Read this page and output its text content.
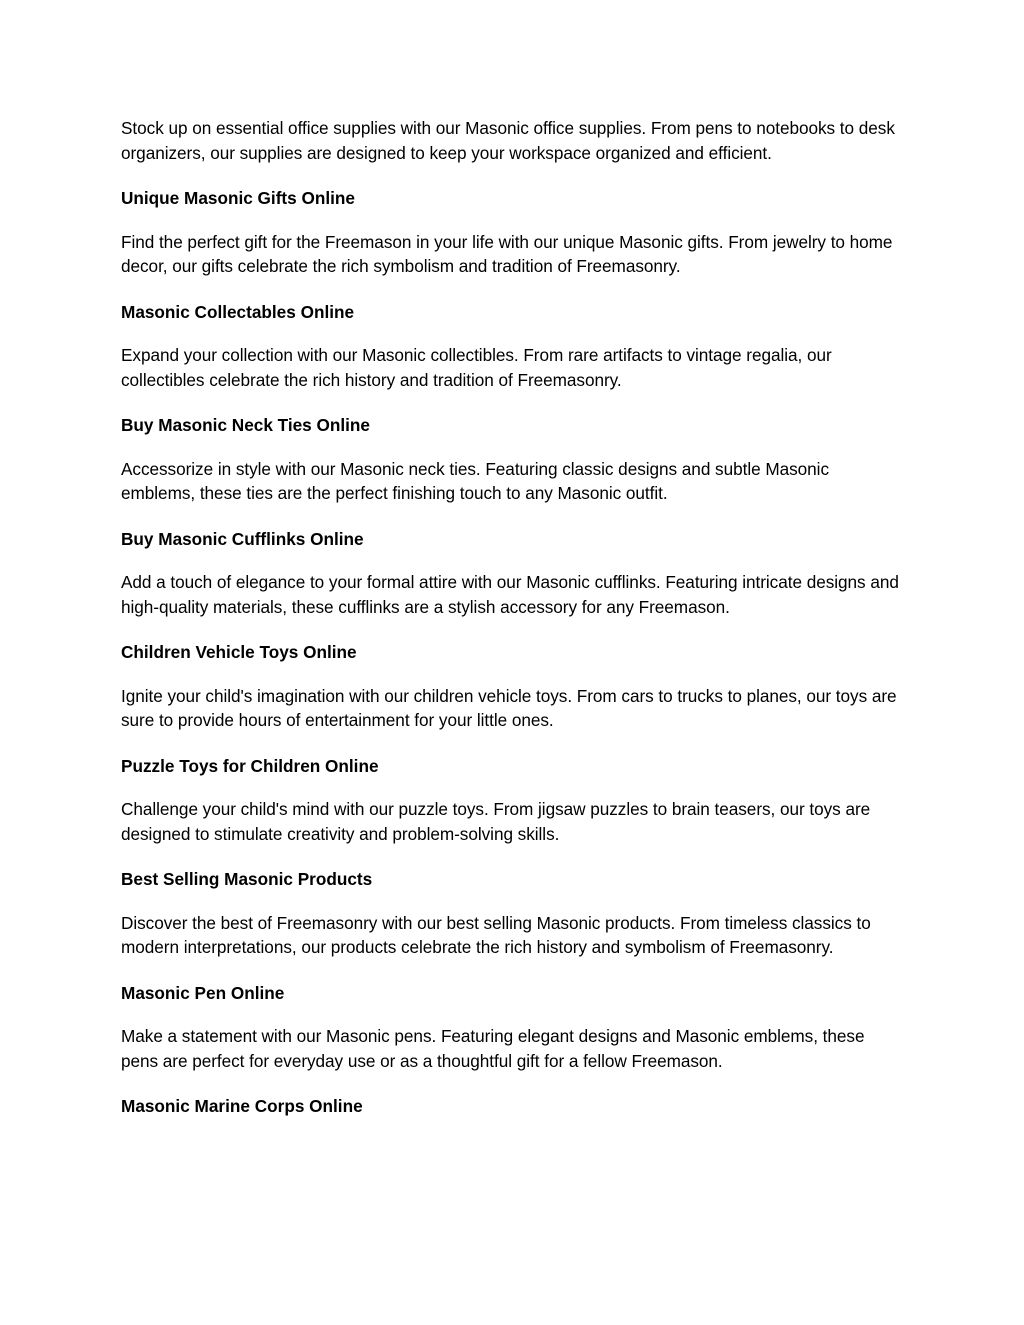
Stock up on essential office supplies with our Masonic office supplies. From pens to notebooks to desk organizers, our supplies are designed to keep your workspace organized and efficient.

Unique Masonic Gifts Online

Find the perfect gift for the Freemason in your life with our unique Masonic gifts. From jewelry to home decor, our gifts celebrate the rich symbolism and tradition of Freemasonry.

Masonic Collectables Online

Expand your collection with our Masonic collectibles. From rare artifacts to vintage regalia, our collectibles celebrate the rich history and tradition of Freemasonry.

Buy Masonic Neck Ties Online

Accessorize in style with our Masonic neck ties. Featuring classic designs and subtle Masonic emblems, these ties are the perfect finishing touch to any Masonic outfit.

Buy Masonic Cufflinks Online

Add a touch of elegance to your formal attire with our Masonic cufflinks. Featuring intricate designs and high-quality materials, these cufflinks are a stylish accessory for any Freemason.

Children Vehicle Toys Online

Ignite your child's imagination with our children vehicle toys. From cars to trucks to planes, our toys are sure to provide hours of entertainment for your little ones.

Puzzle Toys for Children Online

Challenge your child's mind with our puzzle toys. From jigsaw puzzles to brain teasers, our toys are designed to stimulate creativity and problem-solving skills.

Best Selling Masonic Products

Discover the best of Freemasonry with our best selling Masonic products. From timeless classics to modern interpretations, our products celebrate the rich history and symbolism of Freemasonry.

Masonic Pen Online

Make a statement with our Masonic pens. Featuring elegant designs and Masonic emblems, these pens are perfect for everyday use or as a thoughtful gift for a fellow Freemason.

Masonic Marine Corps Online
